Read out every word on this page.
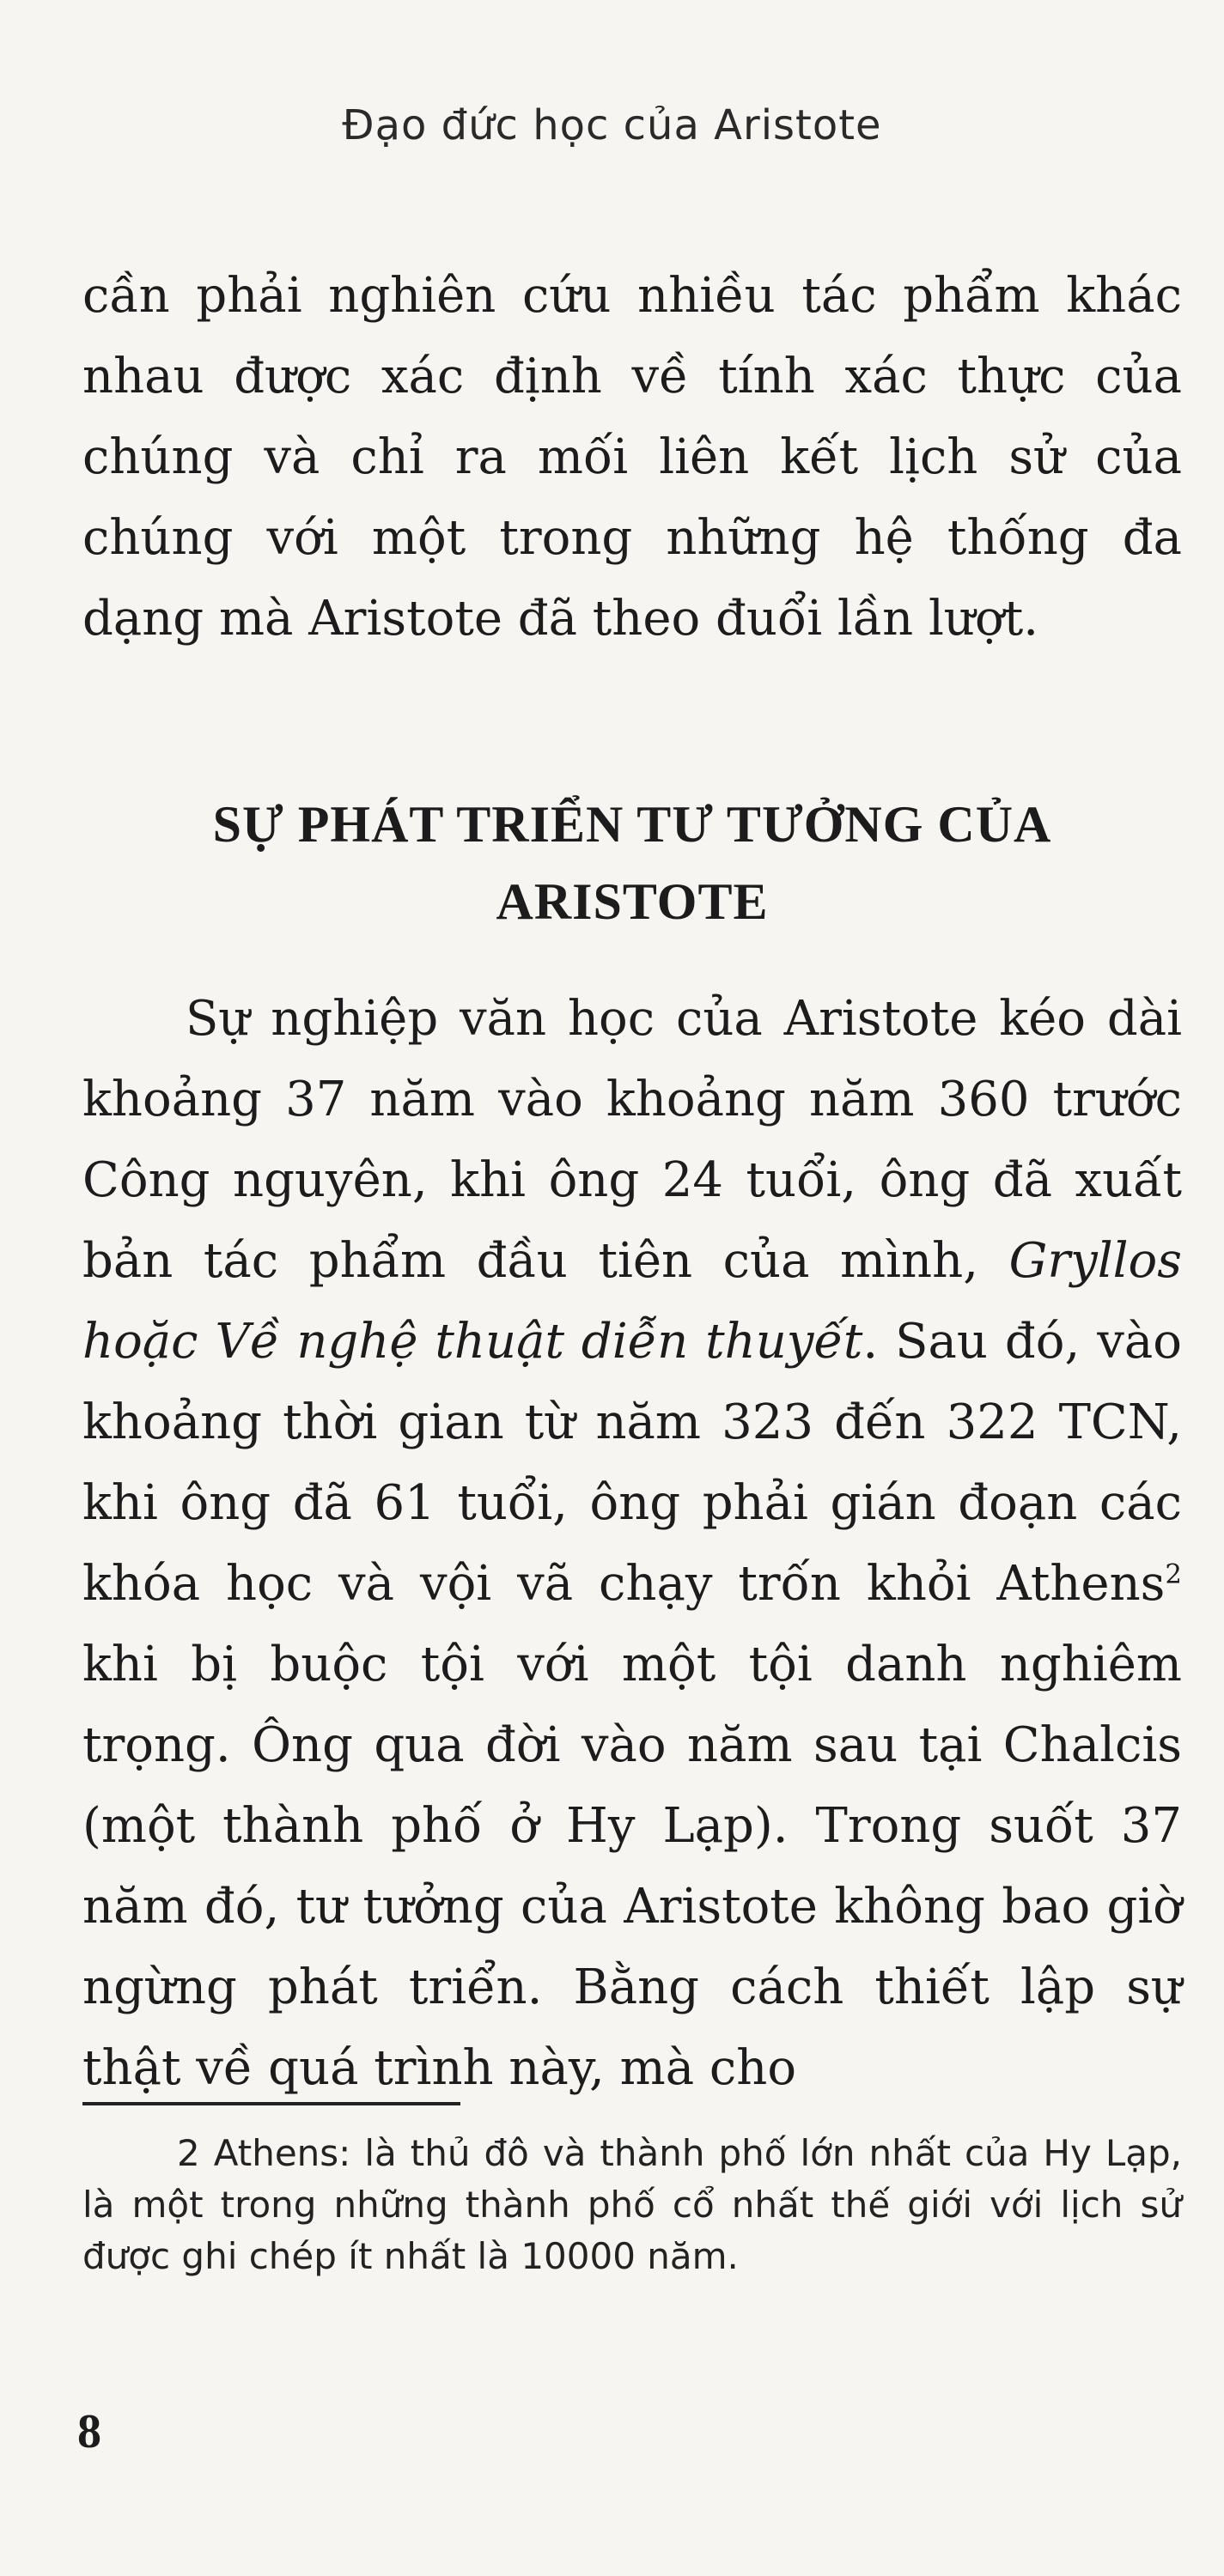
Đạo đức học của Aristote

cần phải nghiên cứu nhiều tác phẩm khác nhau được xác định về tính xác thực của chúng và chỉ ra mối liên kết lịch sử của chúng với một trong những hệ thống đa dạng mà Aristote đã theo đuổi lần lượt.

SỰ PHÁT TRIỂN TƯ TƯỞNG CỦA ARISTOTE

Sự nghiệp văn học của Aristote kéo dài khoảng 37 năm vào khoảng năm 360 trước Công nguyên, khi ông 24 tuổi, ông đã xuất bản tác phẩm đầu tiên của mình, Gryllos hoặc Về nghệ thuật diễn thuyết. Sau đó, vào khoảng thời gian từ năm 323 đến 322 TCN, khi ông đã 61 tuổi, ông phải gián đoạn các khóa học và vội vã chạy trốn khỏi Athens$^2$ khi bị buộc tội với một tội danh nghiêm trọng. Ông qua đời vào năm sau tại Chalcis (một thành phố ở Hy Lạp). Trong suốt 37 năm đó, tư tưởng của Aristote không bao giờ ngừng phát triển. Bằng cách thiết lập sự thật về quá trình này, mà cho

2 Athens: là thủ đô và thành phố lớn nhất của Hy Lạp, là một trong những thành phố cổ nhất thế giới với lịch sử được ghi chép ít nhất là 10000 năm.

8
